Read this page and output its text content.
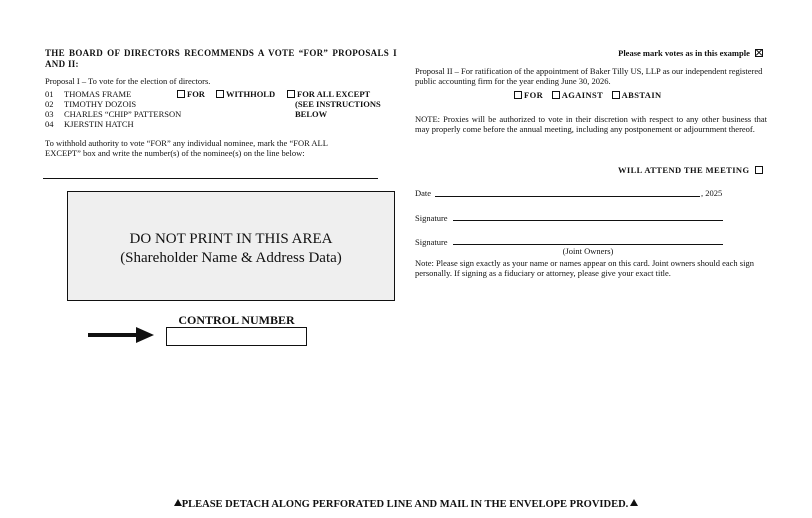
THE BOARD OF DIRECTORS RECOMMENDS A VOTE “FOR” PROPOSALS I AND II:
Proposal I – To vote for the election of directors.
01 THOMAS FRAME
02 TIMOTHY DOZOIS
03 CHARLES “CHIP” PATTERSON
04 KJERSTIN HATCH
FOR	WITHHOLD	FOR ALL EXCEPT
(SEE INSTRUCTIONS
BELOW
To withhold authority to vote “FOR” any individual nominee, mark the “FOR ALL EXCEPT” box and write the number(s) of the nominee(s) on the line below:
DO NOT PRINT IN THIS AREA
(Shareholder Name & Address Data)
CONTROL NUMBER
Please mark votes as in this example
Proposal II – For ratification of the appointment of Baker Tilly US, LLP as our independent registered public accounting firm for the year ending June 30, 2026.
FOR AGAINST ABSTAIN
NOTE: Proxies will be authorized to vote in their discretion with respect to any other business that may properly come before the annual meeting, including any postponement or adjournment thereof.
WILL ATTEND THE MEETING
Date	, 2025
Signature
Signature
(Joint Owners)
Note: Please sign exactly as your name or names appear on this card. Joint owners should each sign personally. If signing as a fiduciary or attorney, please give your exact title.
PLEASE DETACH ALONG PERFORATED LINE AND MAIL IN THE ENVELOPE PROVIDED.
